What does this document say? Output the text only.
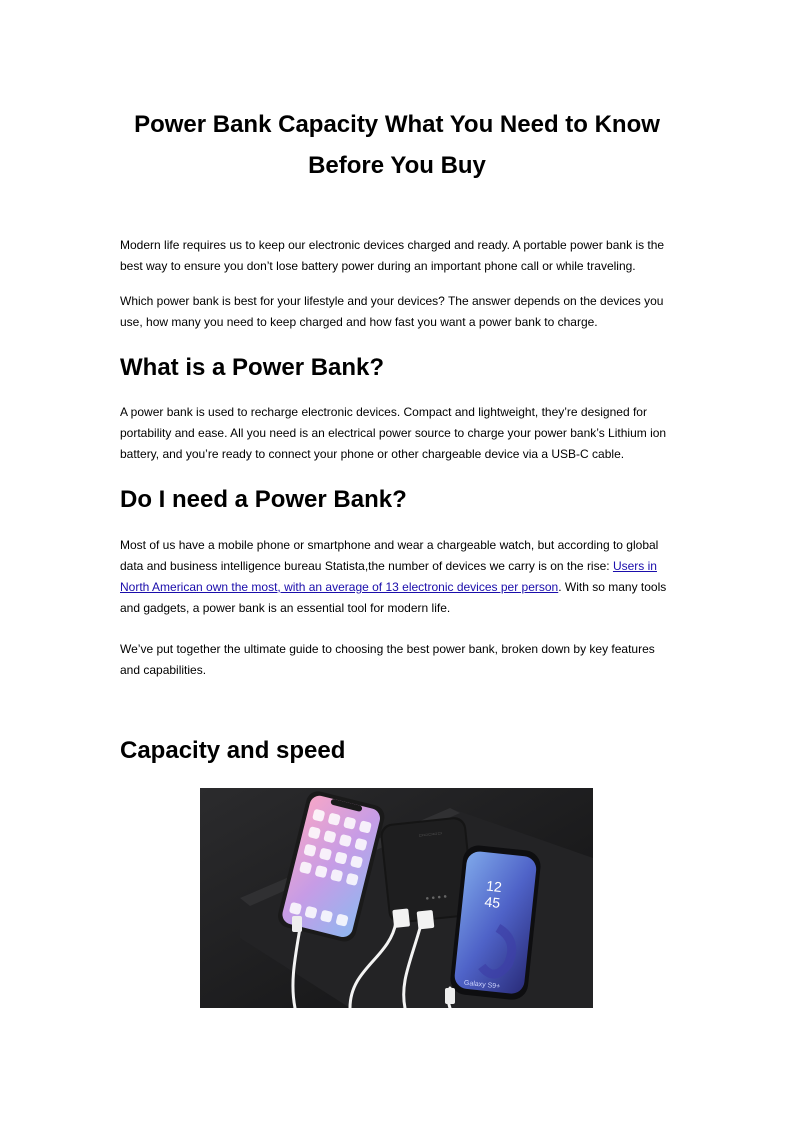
Power Bank Capacity What You Need to Know Before You Buy

Modern life requires us to keep our electronic devices charged and ready. A portable power bank is the best way to ensure you don’t lose battery power during an important phone call or while traveling.

Which power bank is best for your lifestyle and your devices? The answer depends on the devices you use, how many you need to keep charged and how fast you want a power bank to charge.

What is a Power Bank?

A power bank is used to recharge electronic devices. Compact and lightweight, they’re designed for portability and ease. All you need is an electrical power source to charge your power bank’s Lithium ion battery, and you’re ready to connect your phone or other chargeable device via a USB-C cable.

Do I need a Power Bank?

Most of us have a mobile phone or smartphone and wear a chargeable watch, but according to global data and business intelligence bureau Statista,the number of devices we carry is on the rise: Users in North American own the most, with an average of 13 electronic devices per person. With so many tools and gadgets, a power bank is an essential tool for modern life.

We’ve put together the ultimate guide to choosing the best power bank, broken down by key features and capabilities.

Capacity and speed
▭▭▭▭▭
12
45
Galaxy S9+
